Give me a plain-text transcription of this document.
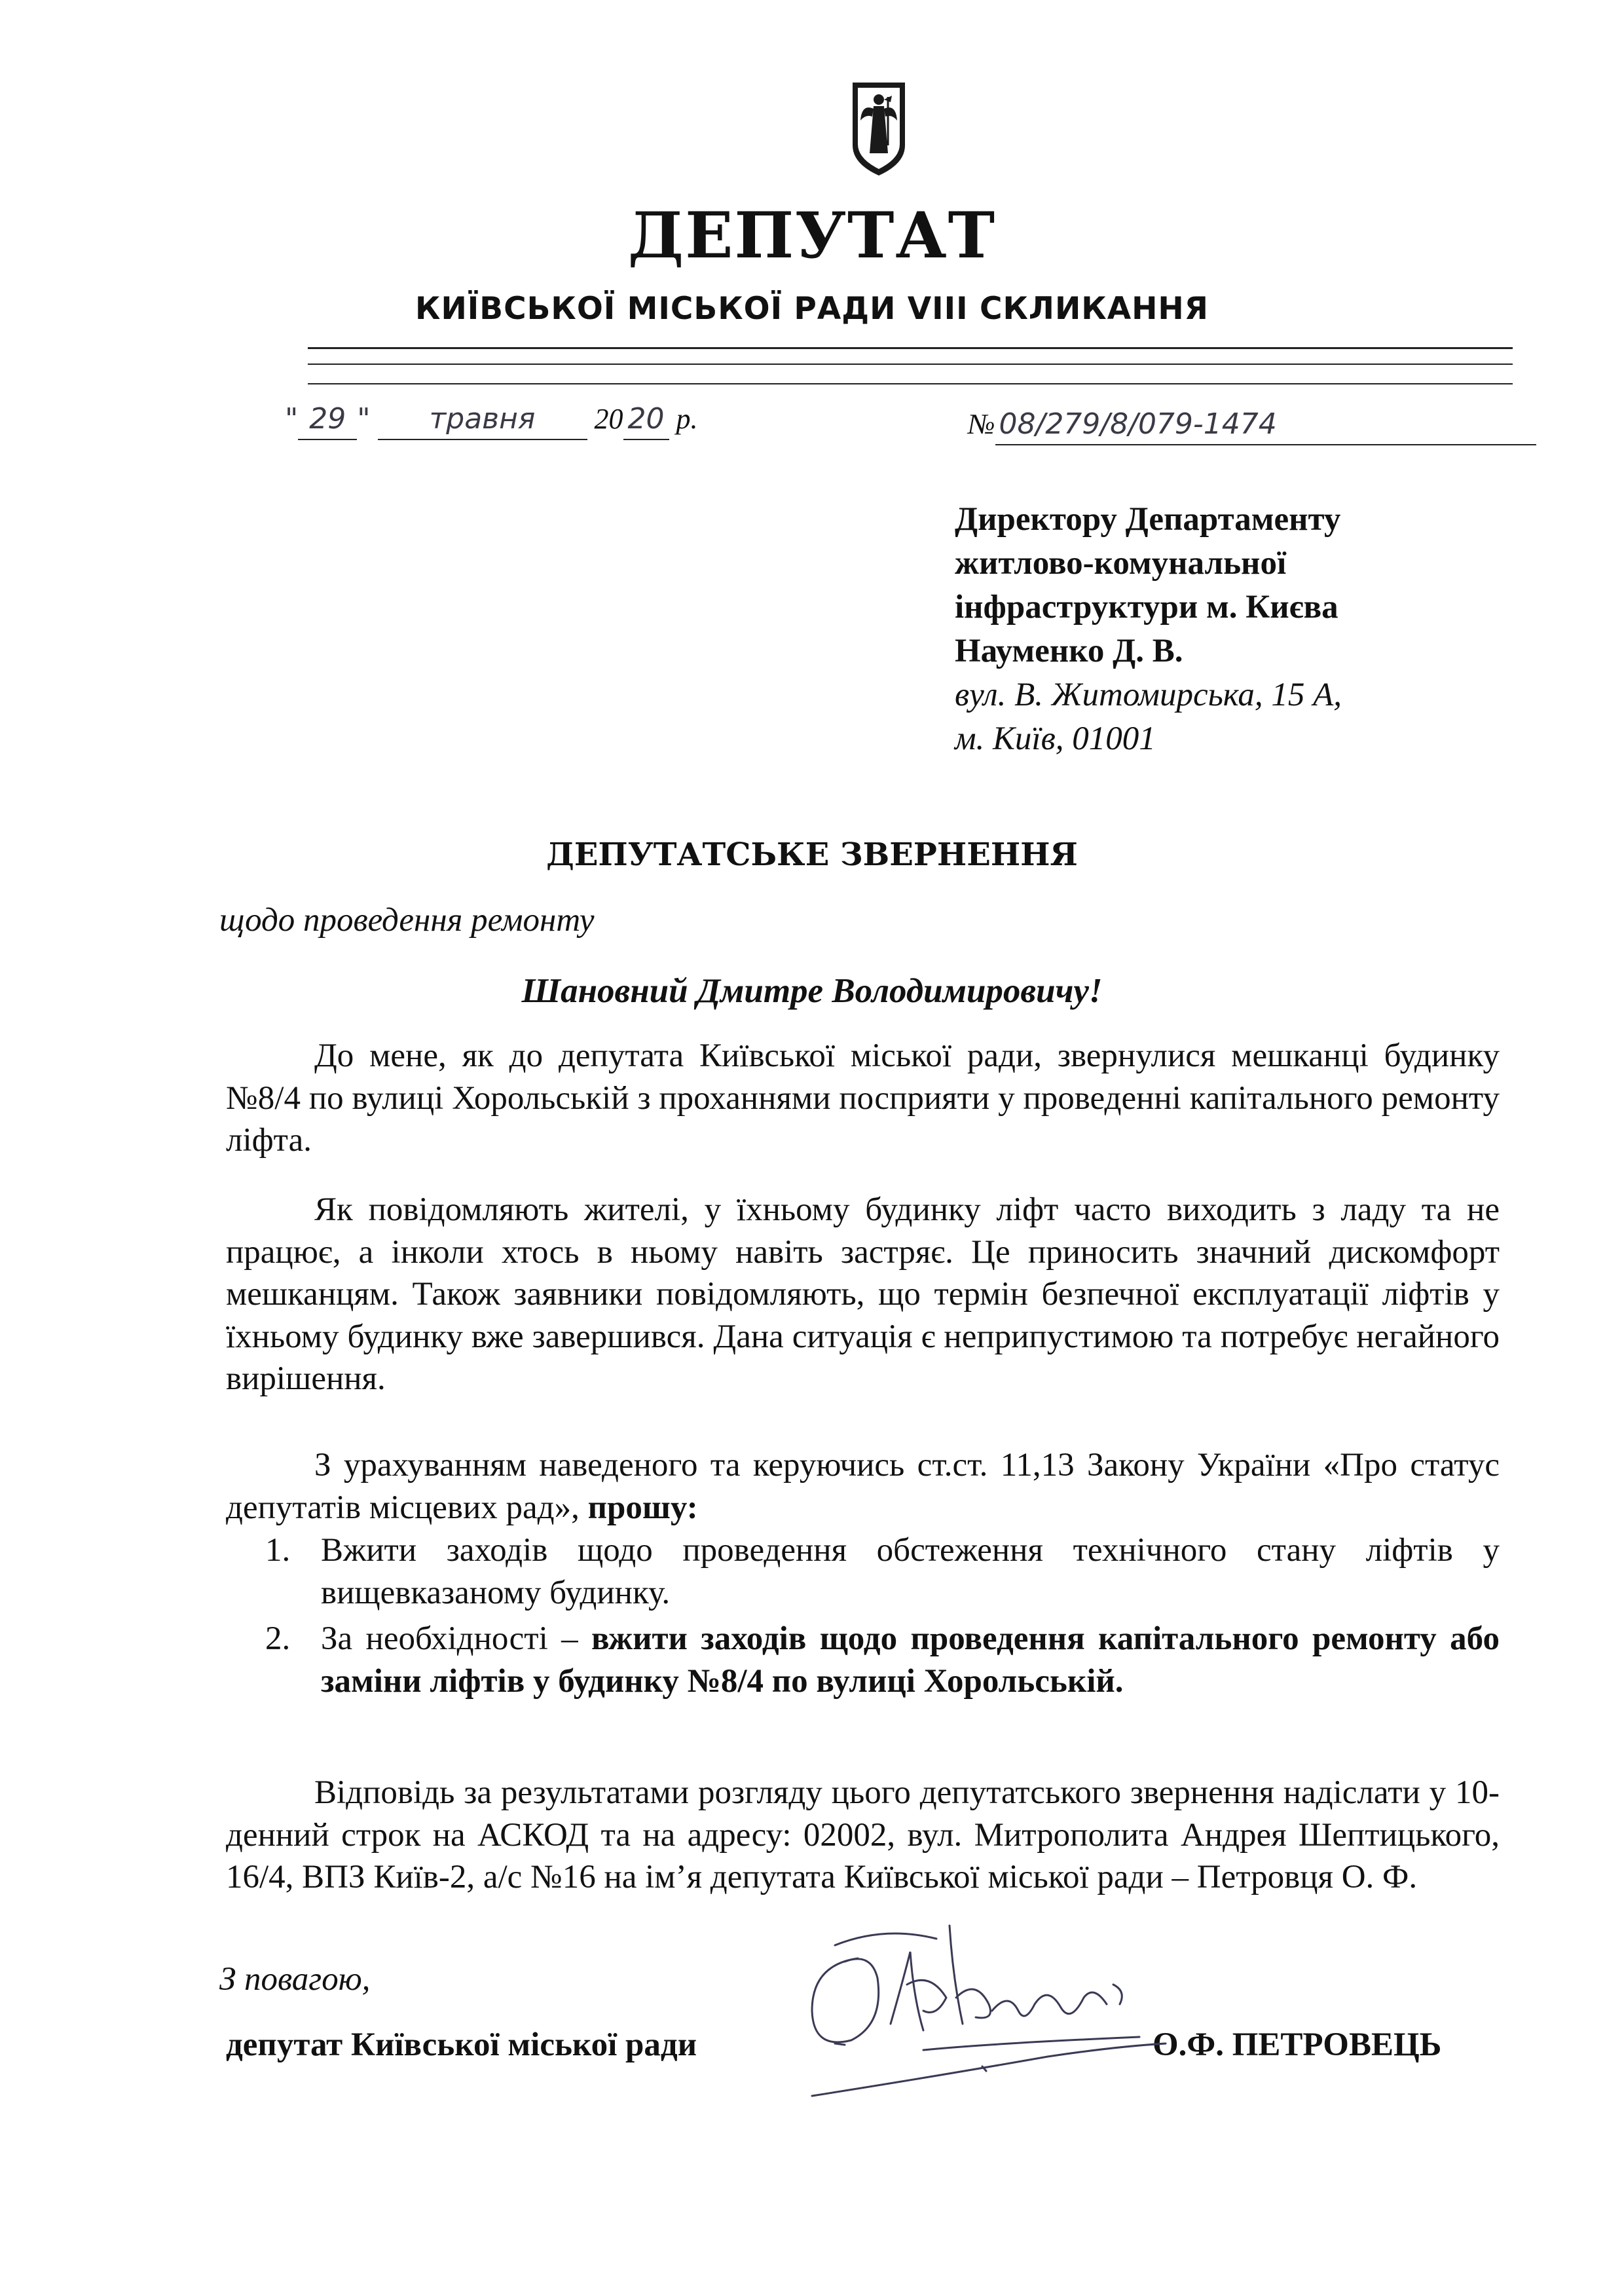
ДЕПУТАТ
КИЇВСЬКОЇ МІСЬКОЇ РАДИ VIII СКЛИКАННЯ
" 29 " травня 20 20 р.	№ 08/279/8/079-1474
Директору Департаменту
житлово-комунальної
інфраструктури м. Києва
Науменко Д. В.
вул. В. Житомирська, 15 А,
м. Київ, 01001
ДЕПУТАТСЬКЕ ЗВЕРНЕННЯ
щодо проведення ремонту
Шановний Дмитре Володимировичу!

До мене, як до депутата Київської міської ради, звернулися мешканці будинку №8/4 по вулиці Хорольській з проханнями посприяти у проведенні капітального ремонту ліфта.

Як повідомляють жителі, у їхньому будинку ліфт часто виходить з ладу та не працює, а інколи хтось в ньому навіть застряє. Це приносить значний дискомфорт мешканцям. Також заявники повідомляють, що термін безпечної експлуатації ліфтів у їхньому будинку вже завершився. Дана ситуація є неприпустимою та потребує негайного вирішення.

З урахуванням наведеного та керуючись ст.ст. 11,13 Закону України «Про статус депутатів місцевих рад», прошу:

1. Вжити заходів щодо проведення обстеження технічного стану ліфтів у вищевказаному будинку.
2. За необхідності – вжити заходів щодо проведення капітального ремонту або заміни ліфтів у будинку №8/4 по вулиці Хорольській.

Відповідь за результатами розгляду цього депутатського звернення надіслати у 10-денний строк на АСКОД та на адресу: 02002, вул. Митрополита Андрея Шептицького, 16/4, ВПЗ Київ-2, а/с №16 на ім’я депутата Київської міської ради – Петровця О. Ф.

З повагою,
депутат Київської міської ради	О.Ф. ПЕТРОВЕЦЬ
